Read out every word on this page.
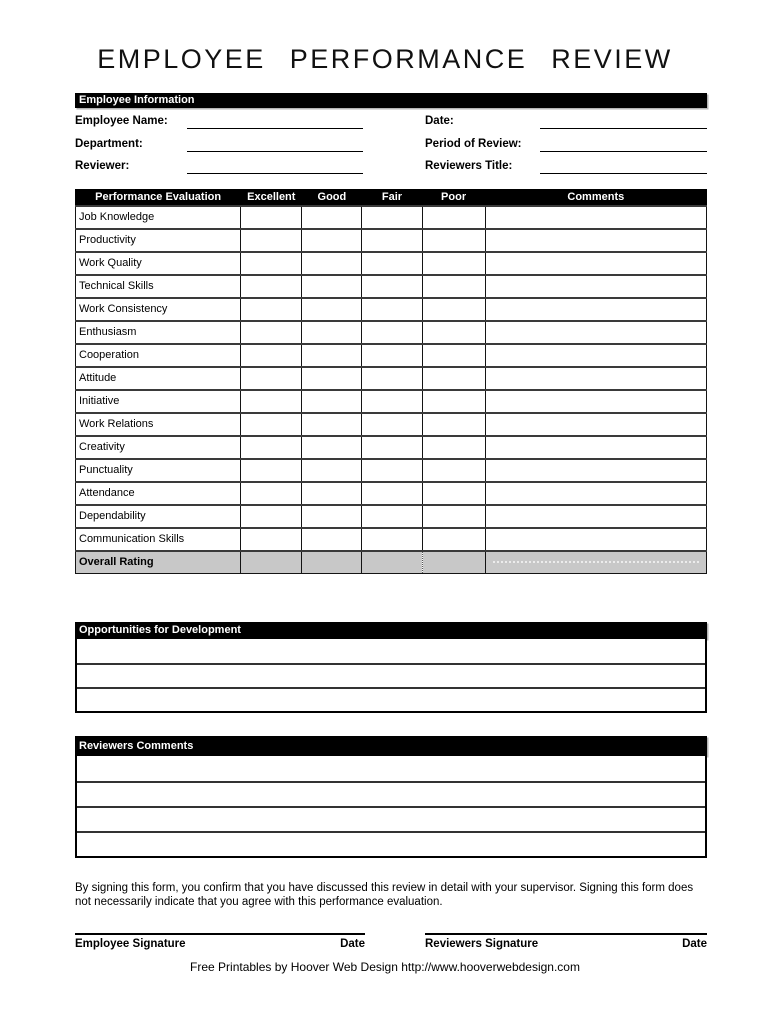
EMPLOYEE PERFORMANCE REVIEW
Employee Information
Employee Name:
Department:
Reviewer:
Date:
Period of Review:
Reviewers Title:
Performance Evaluation	Excellent	Good	Fair	Poor	Comments
Job Knowledge					
Productivity					
Work Quality					
Technical Skills					
Work Consistency					
Enthusiasm					
Cooperation					
Attitude					
Initiative					
Work Relations					
Creativity					
Punctuality					
Attendance					
Dependability					
Communication Skills					
Overall Rating					
Opportunities for Development
Reviewers Comments
By signing this form, you confirm that you have discussed this review in detail with your supervisor. Signing this form does not necessarily indicate that you agree with this performance evaluation.
Employee Signature	Date	Reviewers Signature	Date
Free Printables by Hoover Web Design http://www.hooverwebdesign.com
